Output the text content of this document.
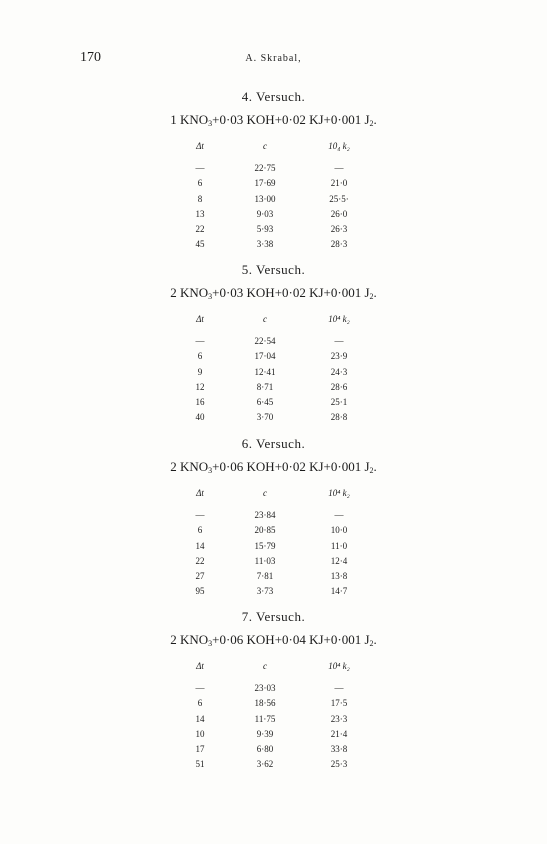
170	A. Skrabal,
4. Versuch.
1 $KNO_3+0\cdot 03$ KOH+0·02 KJ+0·001 $J_2$.
Δt	c	10₄ k₂
—	22·75	—
6	17·69	21·0
8	13·00	25·5·
13	9·03	26·0
22	5·93	26·3
45	3·38	28·3
5. Versuch.
2 $KNO_3+0\cdot 03$ KOH+0·02 KJ+0·001 $J_2$.
Δt	c	10⁴ k₂
—	22·54	—
6	17·04	23·9
9	12·41	24·3
12	8·71	28·6
16	6·45	25·1
40	3·70	28·8
6. Versuch.
2 $KNO_3+0\cdot 06$ KOH+0·02 KJ+0·001 $J_2$.
Δt	c	10⁴ k₂
—	23·84	—
6	20·85	10·0
14	15·79	11·0
22	11·03	12·4
27	7·81	13·8
95	3·73	14·7
7. Versuch.
2 $KNO_3+0\cdot 06$ KOH+0·04 KJ+0·001 $J_2$.
Δt	c	10⁴ k₂
—	23·03	—
6	18·56	17·5
14	11·75	23·3
10	9·39	21·4
17	6·80	33·8
51	3·62	25·3
